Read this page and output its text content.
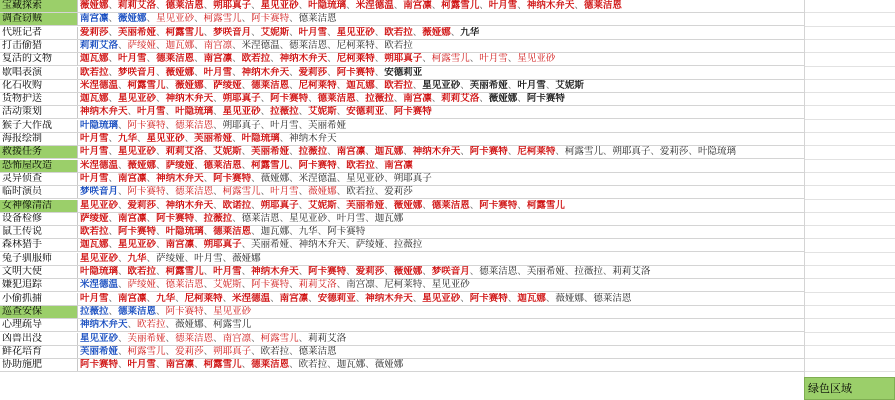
宝藏探索	薇娅娜、莉莉艾洛、德莱洁恩、朔耶真子、星见亚砂、叶隐琉璃、米涅德温、南宫凛、柯露雪儿、叶月雪、神纳木弁天、德莱洁恩
调查窃贼	南宫凛、薇娅娜、星见亚砂、柯露雪儿、阿卡赛特、德莱洁恩
代班记者	爱莉莎、芙丽希娅、柯露雪儿、梦咲音月、艾妮斯、叶月雪、星见亚砂、欧若拉、薇娅娜、九华
打击偷猎	莉莉艾洛、萨绫娅、迦瓦娜、南宫凛、米涅德温、德莱洁恩、尼柯莱特、欧若拉
复活的文物	迦瓦娜、叶月雪、德莱洁恩、南宫凛、欧若拉、神纳木弁天、尼柯莱特、朔耶真子、柯露雪儿、叶月雪、星见亚砂
歇唱表演	欧若拉、梦咲音月、薇娅娜、叶月雪、神纳木弁天、爱莉莎、阿卡赛特、安德莉亚
化石收购	米涅德温、柯露雪儿、薇娅娜、萨绫娅、德莱洁恩、尼柯莱特、迦瓦娜、欧若拉、星见亚砂、芙丽希娅、叶月雪、艾妮斯
货物护送	迦瓦娜、星见亚砂、神纳木弁天、朔耶真子、阿卡赛特、德莱洁恩、拉薇拉、南宫凛、莉莉艾洛、薇娅娜、阿卡赛特
活动策划	神纳木弁天、叶月雪、叶隐琉璃、星见亚砂、拉薇拉、艾妮斯、安德莉亚、阿卡赛特
猴子大作战	叶隐琉璃、阿卡赛特、德莱洁恩、朔耶真子、叶月雪、芙丽希娅
海报绘制	叶月雪、九华、星见亚砂、芙丽希娅、叶隐琉璃、神纳木弁天
救援任务	叶月雪、星见亚砂、莉莉艾洛、艾妮斯、芙丽希娅、拉薇拉、南宫凛、迦瓦娜、神纳木弁天、阿卡赛特、尼柯莱特、柯露雪儿、朔耶真子、爱莉莎、叶隐琉璃
恐怖屋改造	米涅德温、薇娅娜、萨绫娅、德莱洁恩、柯露雪儿、阿卡赛特、欧若拉、南宫凛
灵异侦查	叶月雪、南宫凛、神纳木弁天、阿卡赛特、薇娅娜、米涅德温、星见亚砂、朔耶真子
临时演员	梦咲音月、阿卡赛特、德莱洁恩、柯露雪儿、叶月雪、薇娅娜、欧若拉、爱莉莎
女神像清洁	星见亚砂、爱莉莎、神纳木弁天、欧诺拉、朔耶真子、艾妮斯、芙丽希娅、薇娅娜、德莱洁恩、阿卡赛特、柯露雪儿
设备检修	萨绫娅、南宫凛、阿卡赛特、拉薇拉、德莱洁恩、星见亚砂、叶月雪、迦瓦娜
鼠王传说	欧若拉、阿卡赛特、叶隐琉璃、德莱洁恩、迦瓦娜、九华、阿卡赛特
森林猎手	迦瓦娜、星见亚砂、南宫凛、朔耶真子、芙丽希娅、神纳木弁天、萨绫娅、拉薇拉
兔子驯服师	星见亚砂、九华、萨绫娅、叶月雪、薇娅娜
文明大使	叶隐琉璃、欧若拉、柯露雪儿、叶月雪、神纳木弁天、阿卡赛特、爱莉莎、薇娅娜、梦咲音月、德莱洁恩、芙丽希娅、拉薇拉、莉莉艾洛
嫌犯追踪	米涅德温、萨绫娅、德莱洁恩、艾妮斯、阿卡赛特、莉莉艾洛、南宫凛、尼柯莱特、星见亚砂
小偷抓捕	叶月雪、南宫凛、九华、尼柯莱特、米涅德温、南宫凛、安德莉亚、神纳木弁天、星见亚砂、阿卡赛特、迦瓦娜、薇娅娜、德莱洁恩
巡查安保	拉薇拉、德莱洁恩、阿卡赛特、星见亚砂
心理疏导	神纳木弁天、欧若拉、薇娅娜、柯露雪儿
凶兽出没	星见亚砂、芙丽希娅、德莱洁恩、南宫凛、柯露雪儿、莉莉艾洛
鲜花培育	芙丽希娅、柯露雪儿、爱莉莎、朔耶真子、欧若拉、德莱洁恩
协助施肥	阿卡赛特、叶月雪、南宫凛、柯露雪儿、德莱洁恩、欧若拉、迦瓦娜、薇娅娜
绿色区域
